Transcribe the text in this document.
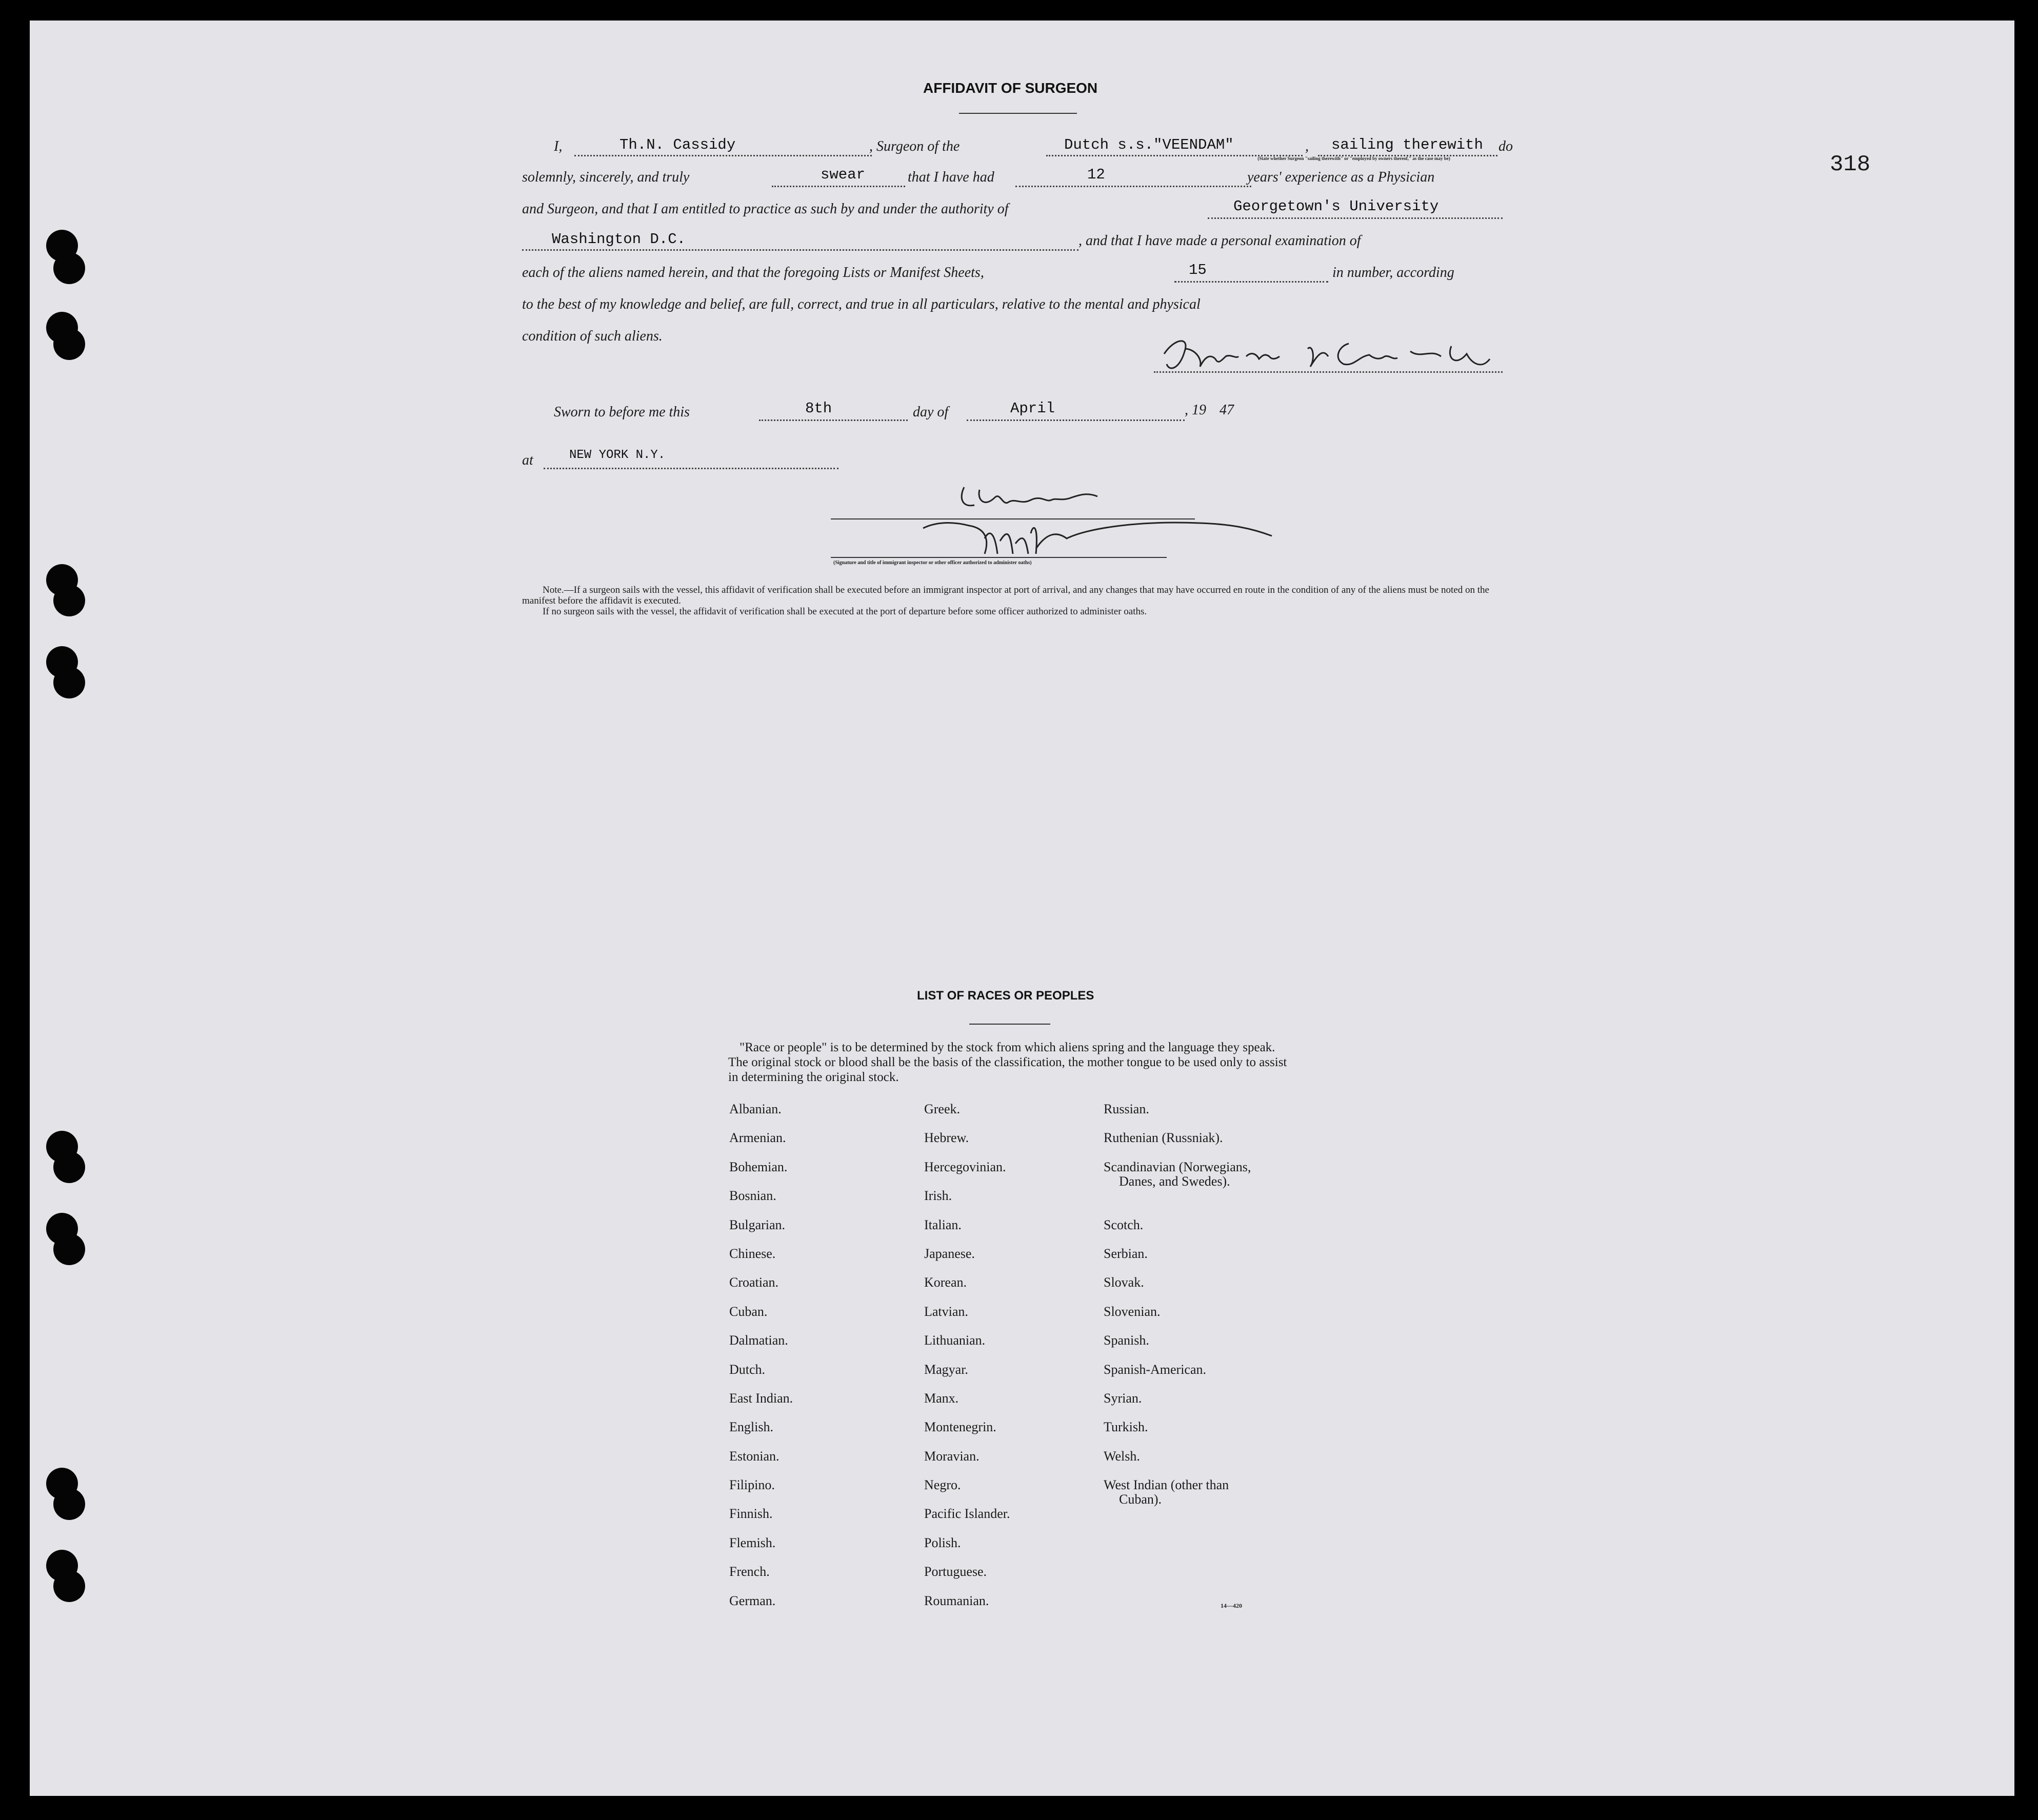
318
AFFIDAVIT OF SURGEON
I,	Th.N. Cassidy	, Surgeon of the	Dutch s.s."VEENDAM"	, sailing therewith do
(State whether Surgeon "sailing therewith" or "employed by owners thereof," as the case may be)
solemnly, sincerely, and truly	swear	that I have had	12	years' experience as a Physician
and Surgeon, and that I am entitled to practice as such by and under the authority of	Georgetown's University
Washington D.C.	, and that I have made a personal examination of
each of the aliens named herein, and that the foregoing Lists or Manifest Sheets,	15	in number, according
to the best of my knowledge and belief, are full, correct, and true in all particulars, relative to the mental and physical
condition of such aliens.
Thomas N. Cassidy
Sworn to before me this	8th	day of	April	, 19 47
at	NEW YORK N.Y.
(Signature and title of immigrant inspector or other officer authorized to administer oaths)
Note.—If a surgeon sails with the vessel, this affidavit of verification shall be executed before an immigrant inspector at port of arrival, and any changes that may have occurred en route in the condition of any of the aliens must be noted on the manifest before the affidavit is executed.
If no surgeon sails with the vessel, the affidavit of verification shall be executed at the port of departure before some officer authorized to administer oaths.
LIST OF RACES OR PEOPLES
"Race or people" is to be determined by the stock from which aliens spring and the language they speak. The original stock or blood shall be the basis of the classification, the mother tongue to be used only to assist in determining the original stock.
Albanian.
Armenian.
Bohemian.
Bosnian.
Bulgarian.
Chinese.
Croatian.
Cuban.
Dalmatian.
Dutch.
East Indian.
English.
Estonian.
Filipino.
Finnish.
Flemish.
French.
German.
Greek.
Hebrew.
Hercegovinian.
Irish.
Italian.
Japanese.
Korean.
Latvian.
Lithuanian.
Magyar.
Manx.
Montenegrin.
Moravian.
Negro.
Pacific Islander.
Polish.
Portuguese.
Roumanian.
Russian.
Ruthenian (Russniak).
Scandinavian (Norwegians,
Danes, and Swedes).
Scotch.
Serbian.
Slovak.
Slovenian.
Spanish.
Spanish-American.
Syrian.
Turkish.
Welsh.
West Indian (other than
Cuban).
14—420
